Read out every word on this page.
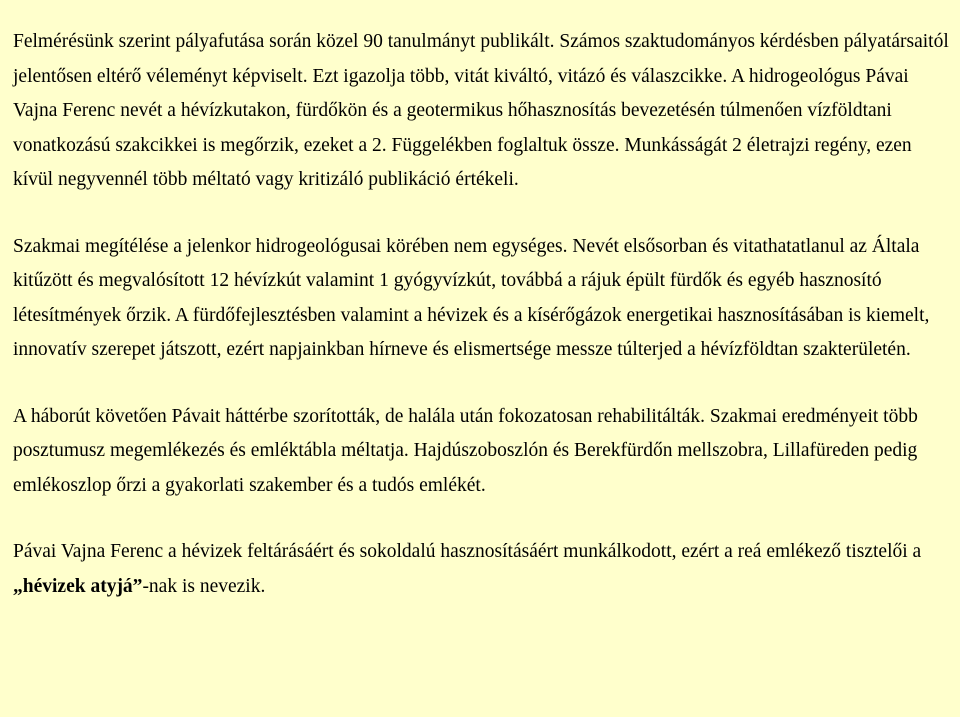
Felmérésünk szerint pályafutása során közel 90 tanulmányt publikált. Számos szaktudományos kérdésben pályatársaitól jelentősen eltérő véleményt képviselt. Ezt igazolja több, vitát kiváltó, vitázó és válaszcikke. A hidrogeológus Pávai Vajna Ferenc nevét a hévízkutakon, fürdőkön és a geotermikus hőhasznosítás bevezetésén túlmenően vízföldtani vonatkozású szakcikkei is megőrzik, ezeket a 2. Függelékben foglaltuk össze. Munkásságát 2 életrajzi regény, ezen kívül negyvennél több méltató vagy kritizáló publikáció értékeli.

Szakmai megítélése a jelenkor hidrogeológusai körében nem egységes. Nevét elsősorban és vitathatatlanul az Általa kitűzött és megvalósított 12 hévízkút valamint 1 gyógyvízkút, továbbá a rájuk épült fürdők és egyéb hasznosító létesítmények őrzik. A fürdőfejlesztésben valamint a hévizek és a kísérőgázok energetikai hasznosításában is kiemelt, innovatív szerepet játszott, ezért napjainkban hírneve és elismertsége messze túlterjed a hévízföldtan szakterületén.

A háborút követően Pávait háttérbe szorították, de halála után fokozatosan rehabilitálták. Szakmai eredményeit több posztumusz megemlékezés és emléktábla méltatja. Hajdúszoboszlón és Berekfürdőn mellszobra, Lillafüreden pedig emlékoszlop őrzi a gyakorlati szakember és a tudós emlékét.

Pávai Vajna Ferenc a hévizek feltárásáért és sokoldalú hasznosításáért munkálkodott, ezért a reá emlékező tisztelői a „hévizek atyjá”-nak is nevezik.
